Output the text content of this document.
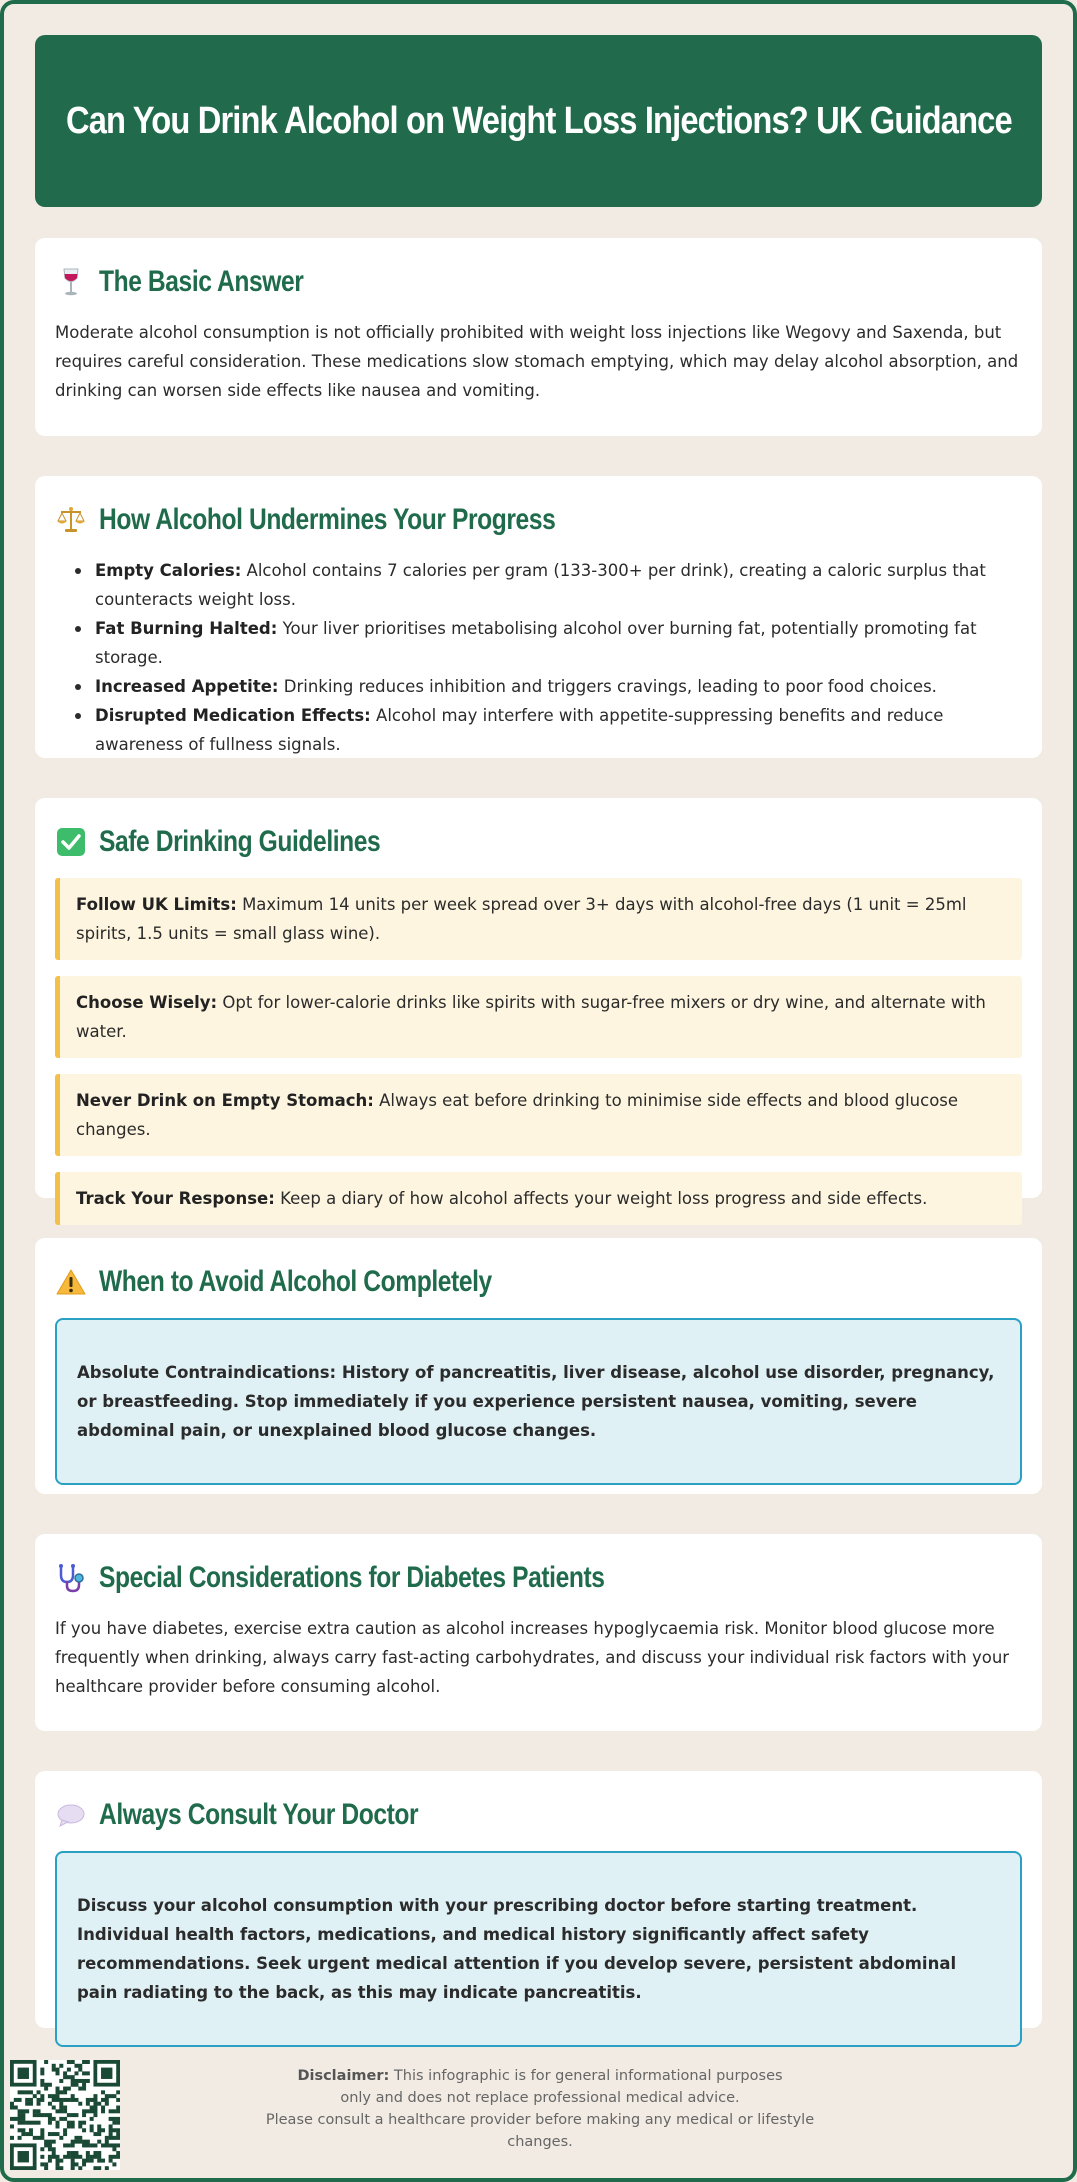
Can You Drink Alcohol on Weight Loss Injections? UK Guidance
The Basic Answer

Moderate alcohol consumption is not officially prohibited with weight loss injections like Wegovy and Saxenda, but requires careful consideration. These medications slow stomach emptying, which may delay alcohol absorption, and drinking can worsen side effects like nausea and vomiting.

How Alcohol Undermines Your Progress
Empty Calories: Alcohol contains 7 calories per gram (133-300+ per drink), creating a caloric surplus that counteracts weight loss.
Fat Burning Halted: Your liver prioritises metabolising alcohol over burning fat, potentially promoting fat storage.
Increased Appetite: Drinking reduces inhibition and triggers cravings, leading to poor food choices.
Disrupted Medication Effects: Alcohol may interfere with appetite-suppressing benefits and reduce awareness of fullness signals.
Safe Drinking Guidelines
Follow UK Limits: Maximum 14 units per week spread over 3+ days with alcohol-free days (1 unit = 25ml spirits, 1.5 units = small glass wine).
Choose Wisely: Opt for lower-calorie drinks like spirits with sugar-free mixers or dry wine, and alternate with water.
Never Drink on Empty Stomach: Always eat before drinking to minimise side effects and blood glucose changes.
Track Your Response: Keep a diary of how alcohol affects your weight loss progress and side effects.
When to Avoid Alcohol Completely
Absolute Contraindications: History of pancreatitis, liver disease, alcohol use disorder, pregnancy, or breastfeeding. Stop immediately if you experience persistent nausea, vomiting, severe abdominal pain, or unexplained blood glucose changes.
Special Considerations for Diabetes Patients

If you have diabetes, exercise extra caution as alcohol increases hypoglycaemia risk. Monitor blood glucose more frequently when drinking, always carry fast-acting carbohydrates, and discuss your individual risk factors with your healthcare provider before consuming alcohol.

Always Consult Your Doctor
Discuss your alcohol consumption with your prescribing doctor before starting treatment. Individual health factors, medications, and medical history significantly affect safety recommendations. Seek urgent medical attention if you develop severe, persistent abdominal pain radiating to the back, as this may indicate pancreatitis.
Disclaimer: This infographic is for general informational purposes
only and does not replace professional medical advice.
Please consult a healthcare provider before making any medical or lifestyle changes.
